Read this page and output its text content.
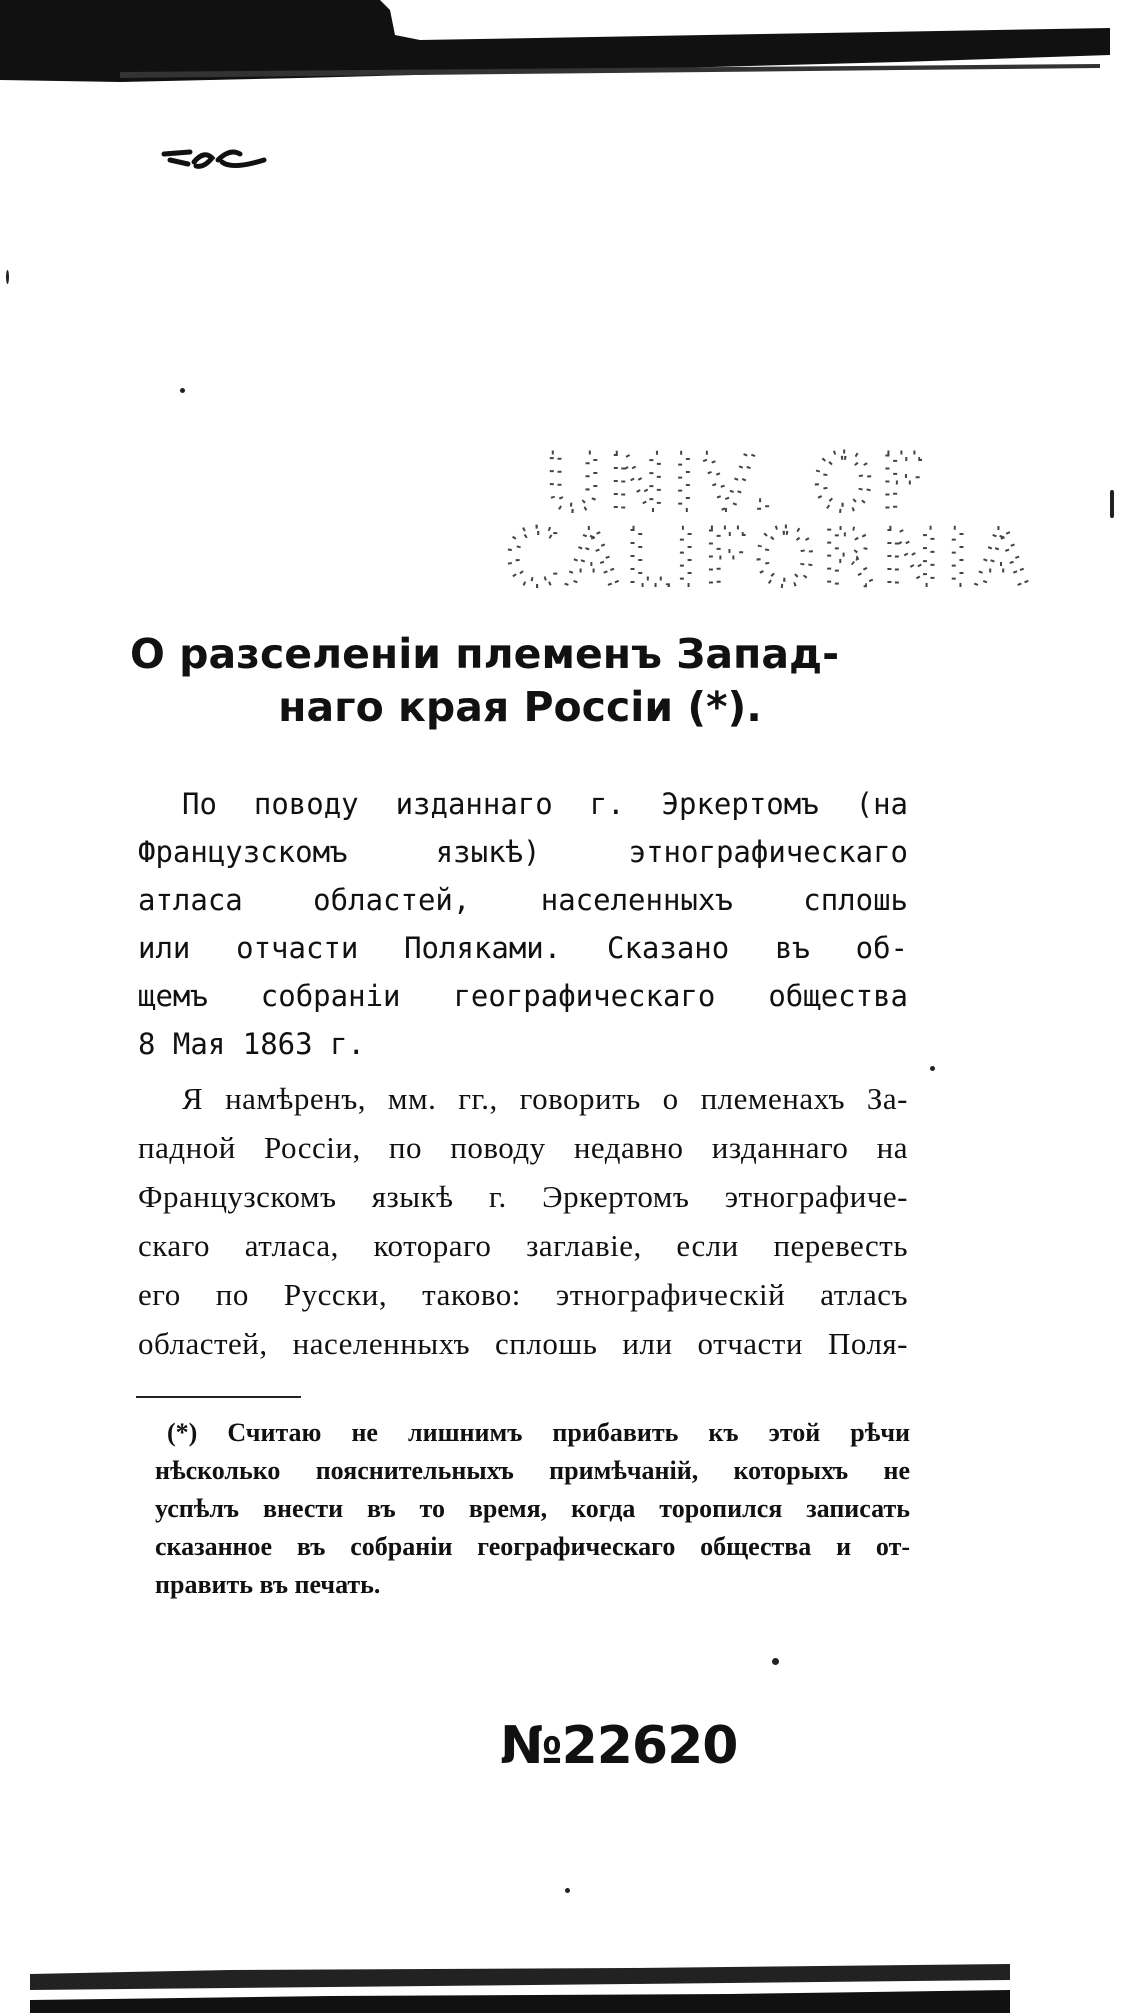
UNIV. OF
CALIFORNIA
О разселеніи племенъ Запад-
наго края Россіи (*).

По поводу изданнаго г. Эркертомъ (на
Французскомъ языкѣ) этнографическаго
атласа областей, населенныхъ сплошь
или отчасти Поляками. Сказано въ об-
щемъ собраніи географическаго общества
8 Мая 1863 г.

Я намѣренъ, мм. гг., говорить о племенахъ За-
падной Россіи, по поводу недавно изданнаго на
Французскомъ языкѣ г. Эркертомъ этнографиче-
скаго атласа, котораго заглавіе, если перевесть
его по Русски, таково: этнографическій атласъ
областей, населенныхъ сплошь или отчасти Поля-

(*) Считаю не лишнимъ прибавить къ этой рѣчи
нѣсколько пояснительныхъ примѣчаній, которыхъ не
успѣлъ внести въ то время, когда торопился записать
сказанное въ собраніи географическаго общества и от-
править въ печать.
№22620
